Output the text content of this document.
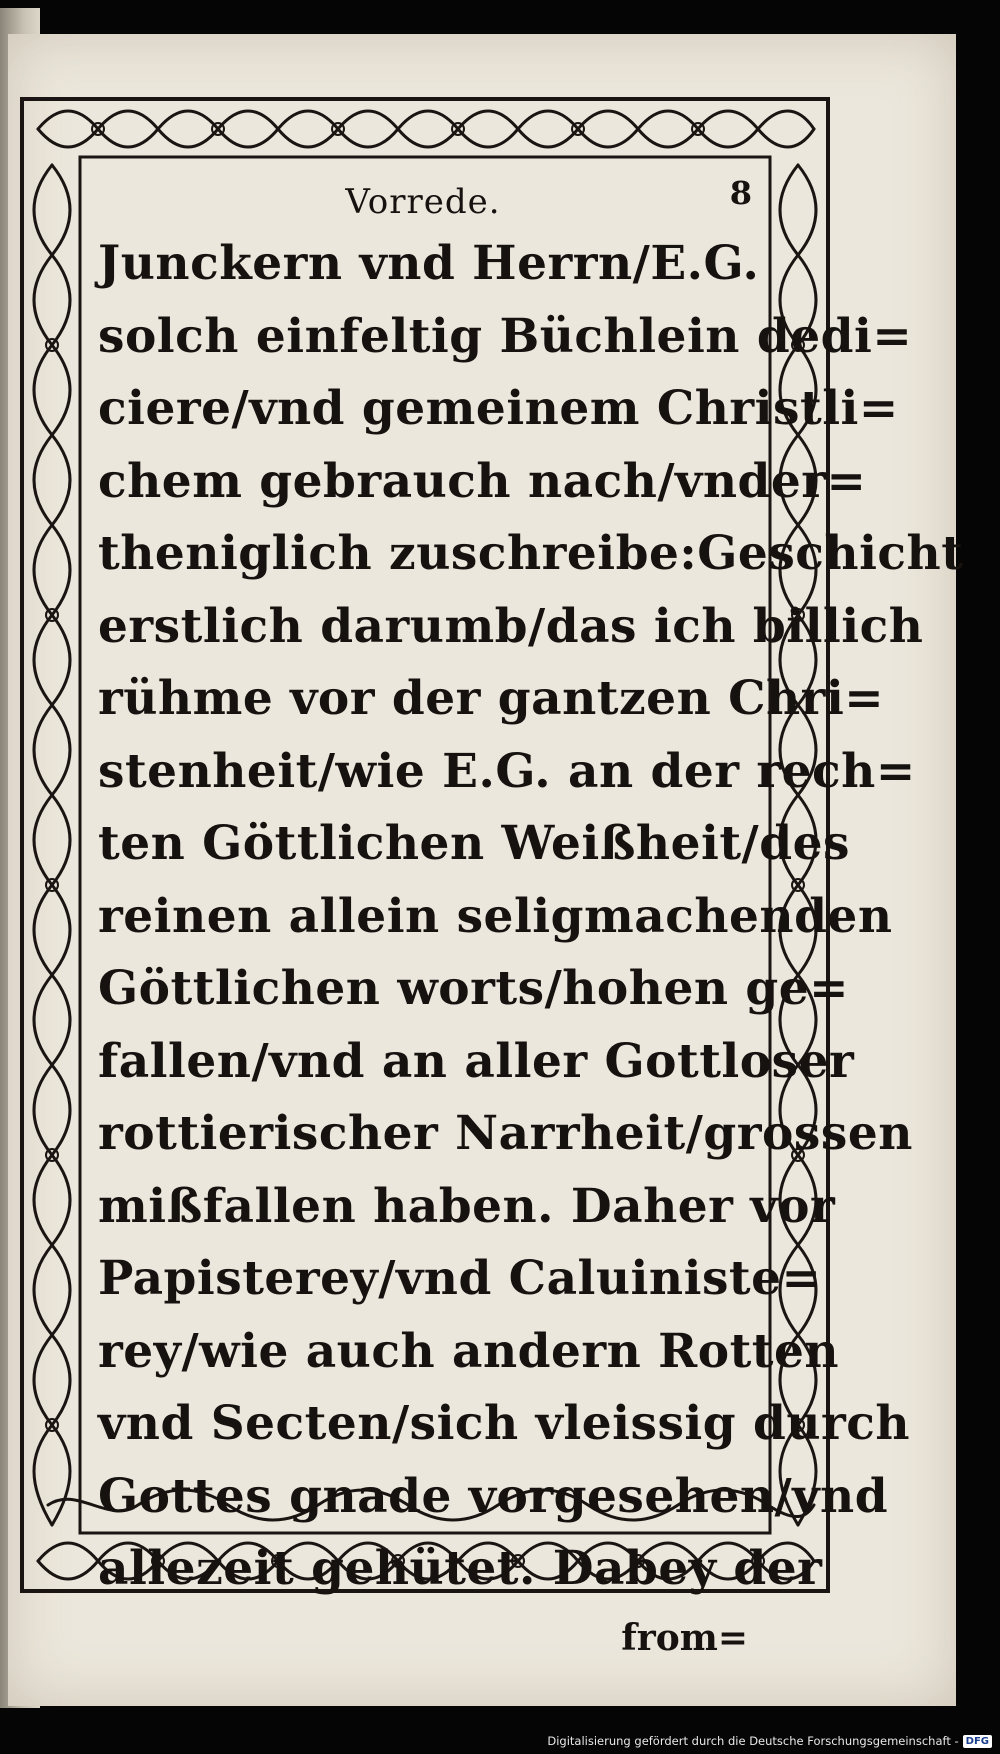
Vorrede.	8
Junckern vnd Herrn/E.G.
solch einfeltig Büchlein dedi=
ciere/vnd gemeinem Christli=
chem gebrauch nach/vnder=
theniglich zuschreibe:Geschicht
erstlich darumb/das ich billich
rühme vor der gantzen Chri=
stenheit/wie E.G. an der rech=
ten Göttlichen Weißheit/des
reinen allein seligmachenden
Göttlichen worts/hohen ge=
fallen/vnd an aller Gottloser
rottierischer Narrheit/grossen
mißfallen haben. Daher vor
Papisterey/vnd Caluiniste=
rey/wie auch andern Rotten
vnd Secten/sich vleissig durch
Gottes gnade vorgesehen/vnd
allezeit gehütet. Dabey der
from=
Digitalisierung gefördert durch die Deutsche Forschungsgemeinschaft - DFG
